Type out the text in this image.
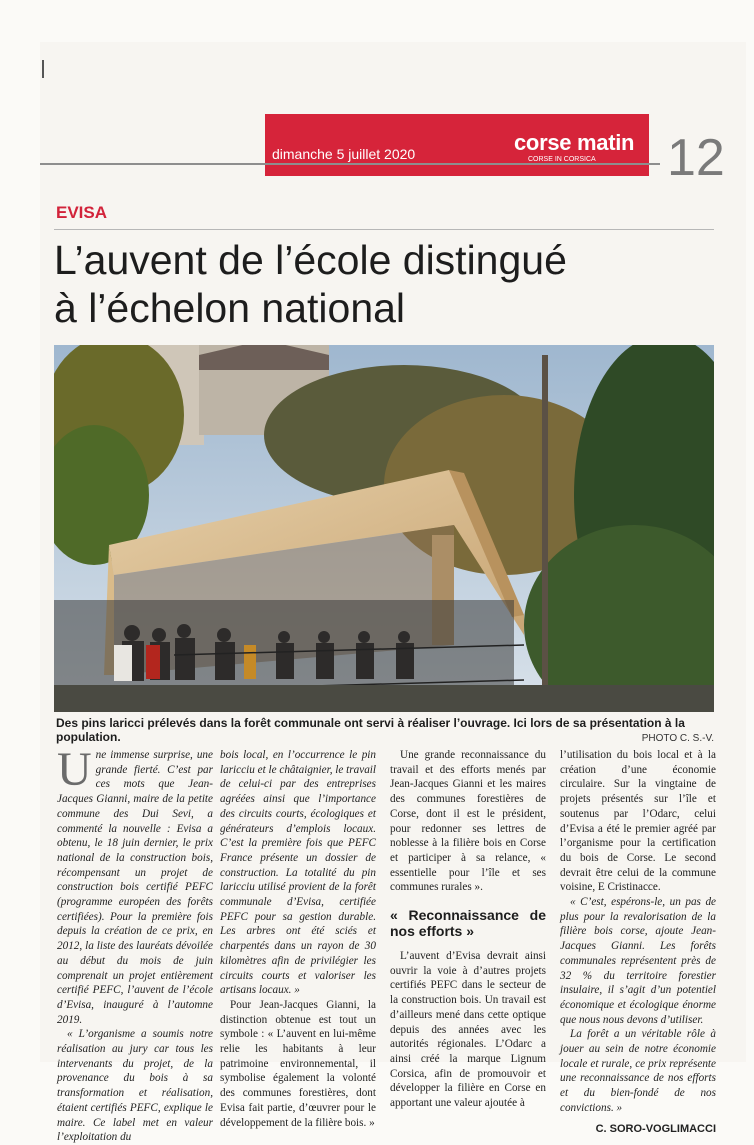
dimanche 5 juillet 2020	corse matin
CORSE IN CORSICA 12
EVISA
L’auvent de l’école distingué
à l’échelon national
Des pins laricci prélevés dans la forêt communale ont servi à réaliser l’ouvrage. Ici lors de sa présentation à la population.	PHOTO C. S.-V.

Une immense surprise, une grande fierté. C’est par ces mots que Jean-Jacques Gianni, maire de la petite commune des Dui Sevi, a commenté la nouvelle : Evisa a obtenu, le 18 juin dernier, le prix national de la construction bois, récompensant un projet de construction bois certifié PEFC (programme européen des forêts certifiées). Pour la première fois depuis la création de ce prix, en 2012, la liste des lauréats dévoilée au début du mois de juin comprenait un projet entièrement certifié PEFC, l’auvent de l’école d’Evisa, inauguré à l’automne 2019.

« L’organisme a soumis notre réalisation au jury car tous les intervenants du projet, de la provenance du bois à sa transformation et réalisation, étaient certifiés PEFC, explique le maire. Ce label met en valeur l’exploitation du

bois local, en l’occurrence le pin laricciu et le châtaignier, le travail de celui-ci par des entreprises agréées ainsi que l’importance des circuits courts, écologiques et générateurs d’emplois locaux. C’est la première fois que PEFC France présente un dossier de construction. La totalité du pin laricciu utilisé provient de la forêt communale d’Evisa, certifiée PEFC pour sa gestion durable. Les arbres ont été sciés et charpentés dans un rayon de 30 kilomètres afin de privilégier les circuits courts et valoriser les artisans locaux. »

Pour Jean-Jacques Gianni, la distinction obtenue est tout un symbole : « L’auvent en lui-même relie les habitants à leur patrimoine environnemental, il symbolise également la volonté des communes forestières, dont Evisa fait partie, d’œuvrer pour le développement de la filière bois. »

Une grande reconnaissance du travail et des efforts menés par Jean-Jacques Gianni et les maires des communes forestières de Corse, dont il est le président, pour redonner ses lettres de noblesse à la filière bois en Corse et participer à sa relance, « essentielle pour l’île et ses communes rurales ».

« Reconnaissance de nos efforts »

L’auvent d’Evisa devrait ainsi ouvrir la voie à d’autres projets certifiés PEFC dans le secteur de la construction bois. Un travail est d’ailleurs mené dans cette optique depuis des années avec les autorités régionales. L’Odarc a ainsi créé la marque Lignum Corsica, afin de promouvoir et développer la filière en Corse en apportant une valeur ajoutée à

l’utilisation du bois local et à la création d’une économie circulaire. Sur la vingtaine de projets présentés sur l’île et soutenus par l’Odarc, celui d’Evisa a été le premier agréé par l’organisme pour la certification du bois de Corse. Le second devrait être celui de la commune voisine, E Cristinacce.

« C’est, espérons-le, un pas de plus pour la revalorisation de la filière bois corse, ajoute Jean-Jacques Gianni. Les forêts communales représentent près de 32 % du territoire forestier insulaire, il s’agit d’un potentiel économique et écologique énorme que nous nous devons d’utiliser.

La forêt a un véritable rôle à jouer au sein de notre économie locale et rurale, ce prix représente une reconnaissance de nos efforts et du bien-fondé de nos convictions. »

C. SORO-VOGLIMACCI
